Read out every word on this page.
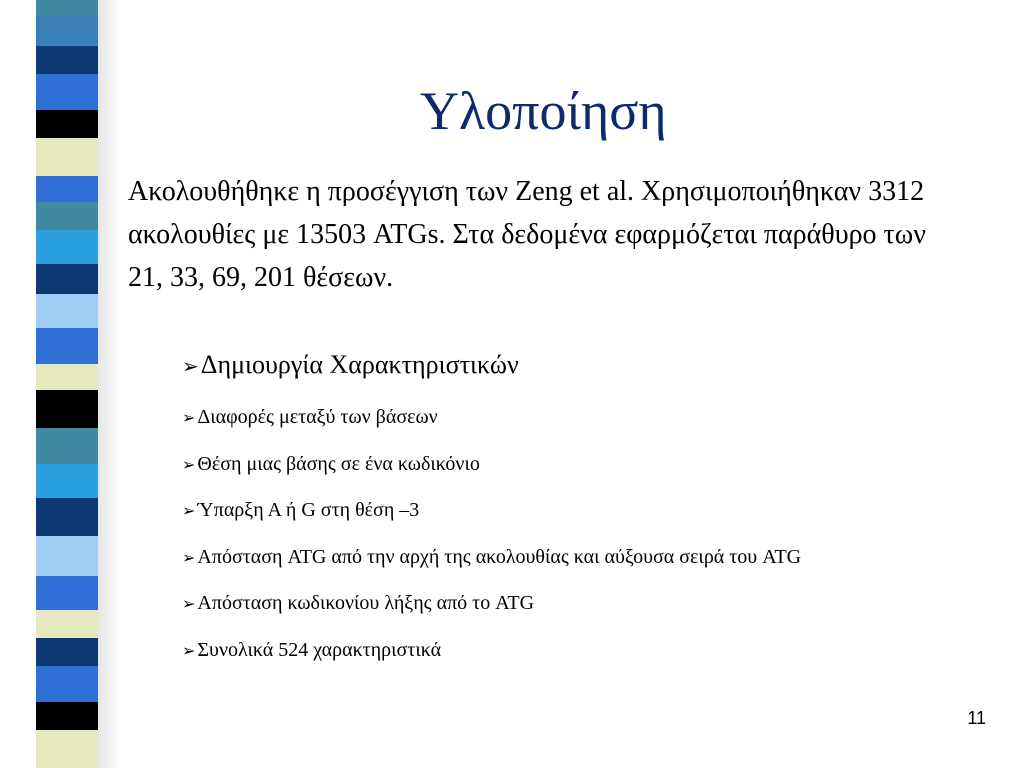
Υλοποίηση
Ακολουθήθηκε η προσέγγιση των Zeng et al. Χρησιμοποιήθηκαν 3312 ακολουθίες με 13503 ATGs. Στα δεδομένα εφαρμόζεται παράθυρο των 21, 33, 69, 201 θέσεων.
➢ Δημιουργία Χαρακτηριστικών
➢ Διαφορές μεταξύ των βάσεων
➢ Θέση μιας βάσης σε ένα κωδικόνιο
➢ Ύπαρξη Α ή G στη θέση –3
➢ Απόσταση ATG από την αρχή της ακολουθίας και αύξουσα σειρά του ATG
➢ Απόσταση κωδικονίου λήξης από το ATG
➢ Συνολικά 524 χαρακτηριστικά
11
